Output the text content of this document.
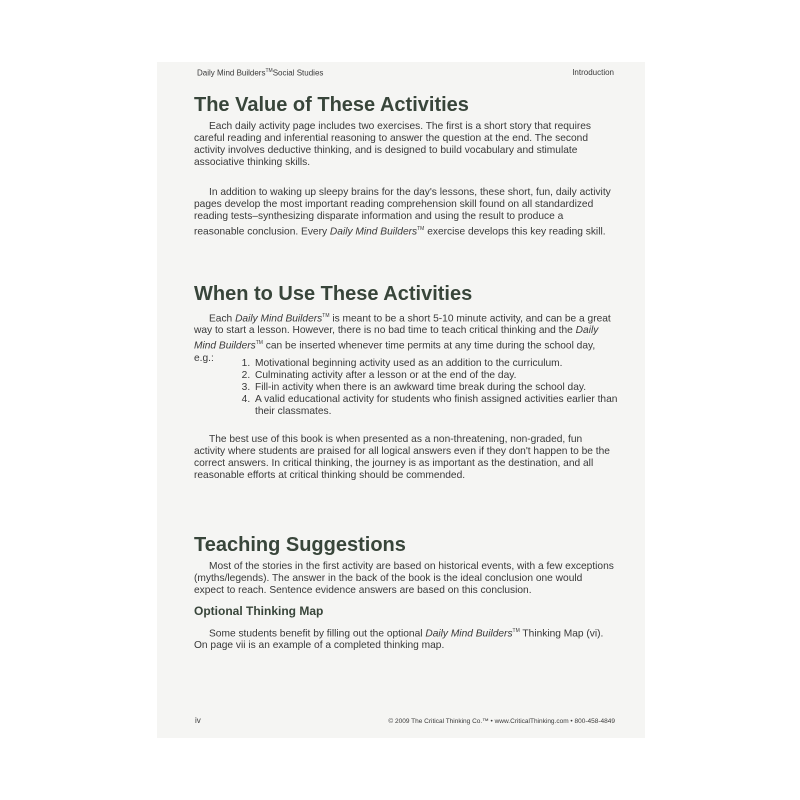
Daily Mind Builders™Social Studies	Introduction
The Value of These Activities

Each daily activity page includes two exercises. The first is a short story that requires careful reading and inferential reasoning to answer the question at the end. The second activity involves deductive thinking, and is designed to build vocabulary and stimulate associative thinking skills.

In addition to waking up sleepy brains for the day's lessons, these short, fun, daily activity pages develop the most important reading comprehension skill found on all standardized reading tests–synthesizing disparate information and using the result to produce a reasonable conclusion. Every Daily Mind Builders™ exercise develops this key reading skill.

When to Use These Activities

Each Daily Mind Builders™ is meant to be a short 5-10 minute activity, and can be a great way to start a lesson. However, there is no bad time to teach critical thinking and the Daily Mind Builders™ can be inserted whenever time permits at any time during the school day, e.g.:

1.	Motivational beginning activity used as an addition to the curriculum.
2. Culminating activity after a lesson or at the end of the day.
3. Fill-in activity when there is an awkward time break during the school day.
4. A valid educational activity for students who finish assigned activities earlier than their classmates.

The best use of this book is when presented as a non-threatening, non-graded, fun activity where students are praised for all logical answers even if they don't happen to be the correct answers. In critical thinking, the journey is as important as the destination, and all reasonable efforts at critical thinking should be commended.

Teaching Suggestions

Most of the stories in the first activity are based on historical events, with a few exceptions (myths/legends). The answer in the back of the book is the ideal conclusion one would expect to reach. Sentence evidence answers are based on this conclusion.

Optional Thinking Map

Some students benefit by filling out the optional Daily Mind Builders™ Thinking Map (vi). On page vii is an example of a completed thinking map.

iv	© 2009 The Critical Thinking Co.™ • www.CriticalThinking.com • 800-458-4849
